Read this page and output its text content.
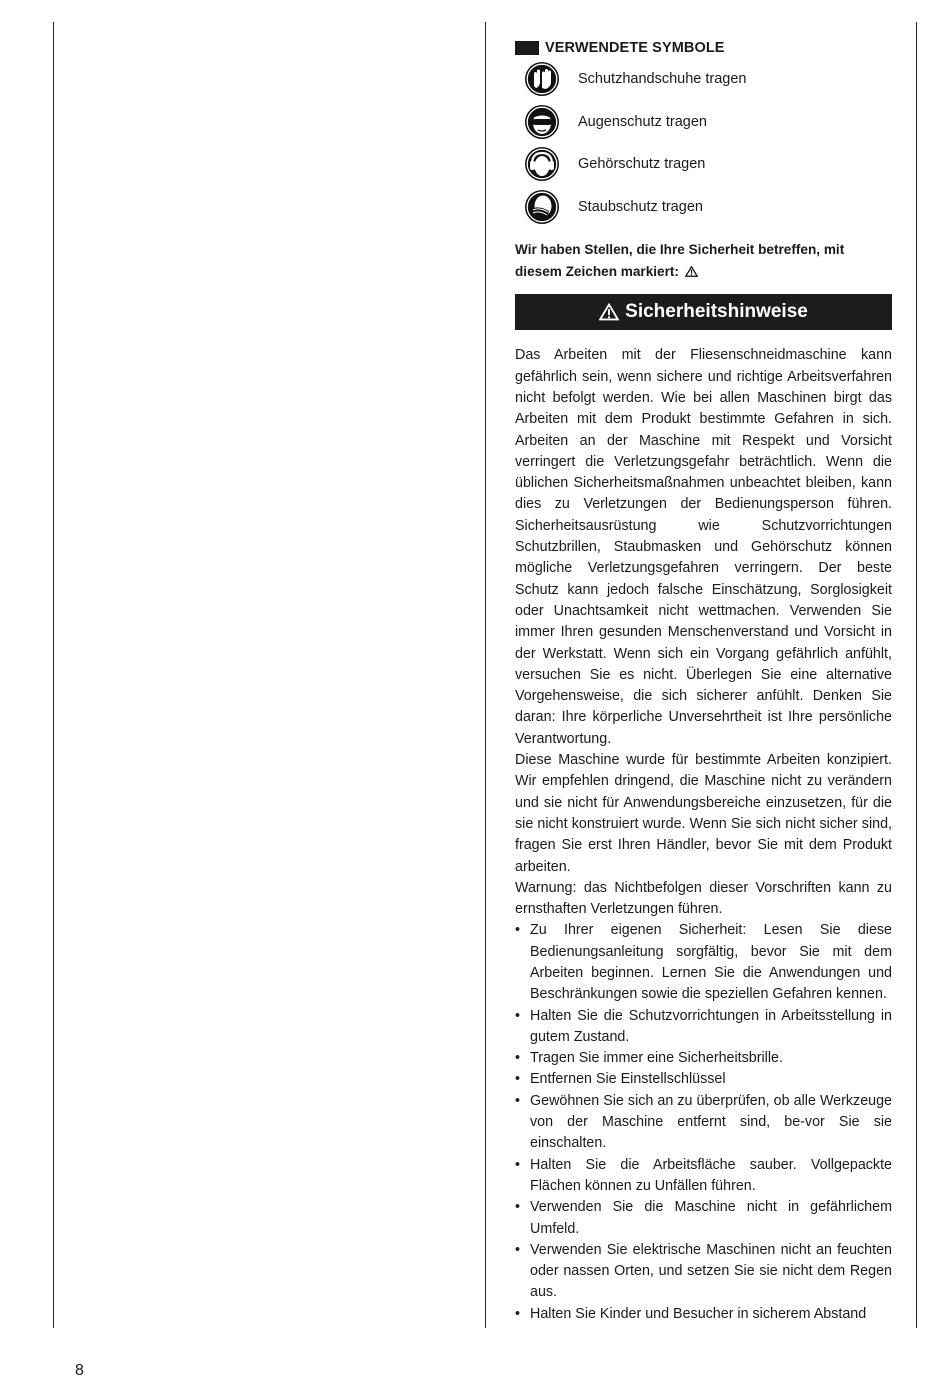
VERWENDETE SYMBOLE
Schutzhandschuhe tragen
Augenschutz tragen
Gehörschutz tragen
Staubschutz tragen
Wir haben Stellen, die Ihre Sicherheit betreffen, mit diesem Zeichen markiert:
Sicherheitshinweise

Das Arbeiten mit der Fliesenschneidmaschine kann gefährlich sein, wenn sichere und richtige Arbeitsverfahren nicht befolgt werden. Wie bei allen Maschinen birgt das Arbeiten mit dem Produkt bestimmte Gefahren in sich. Arbeiten an der Maschine mit Respekt und Vorsicht verringert die Verletzungsgefahr beträchtlich. Wenn die üblichen Sicherheitsmaßnahmen unbeachtet bleiben, kann dies zu Verletzungen der Bedienungsperson führen. Sicherheitsausrüstung wie Schutzvorrichtungen Schutzbrillen, Staubmasken und Gehörschutz können mögliche Verletzungsgefahren verringern. Der beste Schutz kann jedoch falsche Einschätzung, Sorglosigkeit oder Unachtsamkeit nicht wettmachen. Verwenden Sie immer Ihren gesunden Menschenverstand und Vorsicht in der Werkstatt. Wenn sich ein Vorgang gefährlich anfühlt, versuchen Sie es nicht. Überlegen Sie eine alternative Vorgehensweise, die sich sicherer anfühlt. Denken Sie daran: Ihre körperliche Unversehrtheit ist Ihre persönliche Verantwortung.

Diese Maschine wurde für bestimmte Arbeiten konzipiert. Wir empfehlen dringend, die Maschine nicht zu verändern und sie nicht für Anwendungsbereiche einzusetzen, für die sie nicht konstruiert wurde. Wenn Sie sich nicht sicher sind, fragen Sie erst Ihren Händler, bevor Sie mit dem Produkt arbeiten.

Warnung: das Nichtbefolgen dieser Vorschriften kann zu ernsthaften Verletzungen führen.

• Zu Ihrer eigenen Sicherheit: Lesen Sie diese Bedienungsanleitung sorgfältig, bevor Sie mit dem Arbeiten beginnen. Lernen Sie die Anwendungen und Beschränkungen sowie die speziellen Gefahren kennen.
• Halten Sie die Schutzvorrichtungen in Arbeitsstellung in gutem Zustand.
• Tragen Sie immer eine Sicherheitsbrille.
• Entfernen Sie Einstellschlüssel
• Gewöhnen Sie sich an zu überprüfen, ob alle Werkzeuge von der Maschine entfernt sind, be-vor Sie sie einschalten.
• Halten Sie die Arbeitsfläche sauber. Vollgepackte Flächen können zu Unfällen führen.
• Verwenden Sie die Maschine nicht in gefährlichem Umfeld.
• Verwenden Sie elektrische Maschinen nicht an feuchten oder nassen Orten, und setzen Sie sie nicht dem Regen aus.
• Halten Sie Kinder und Besucher in sicherem Abstand
8
